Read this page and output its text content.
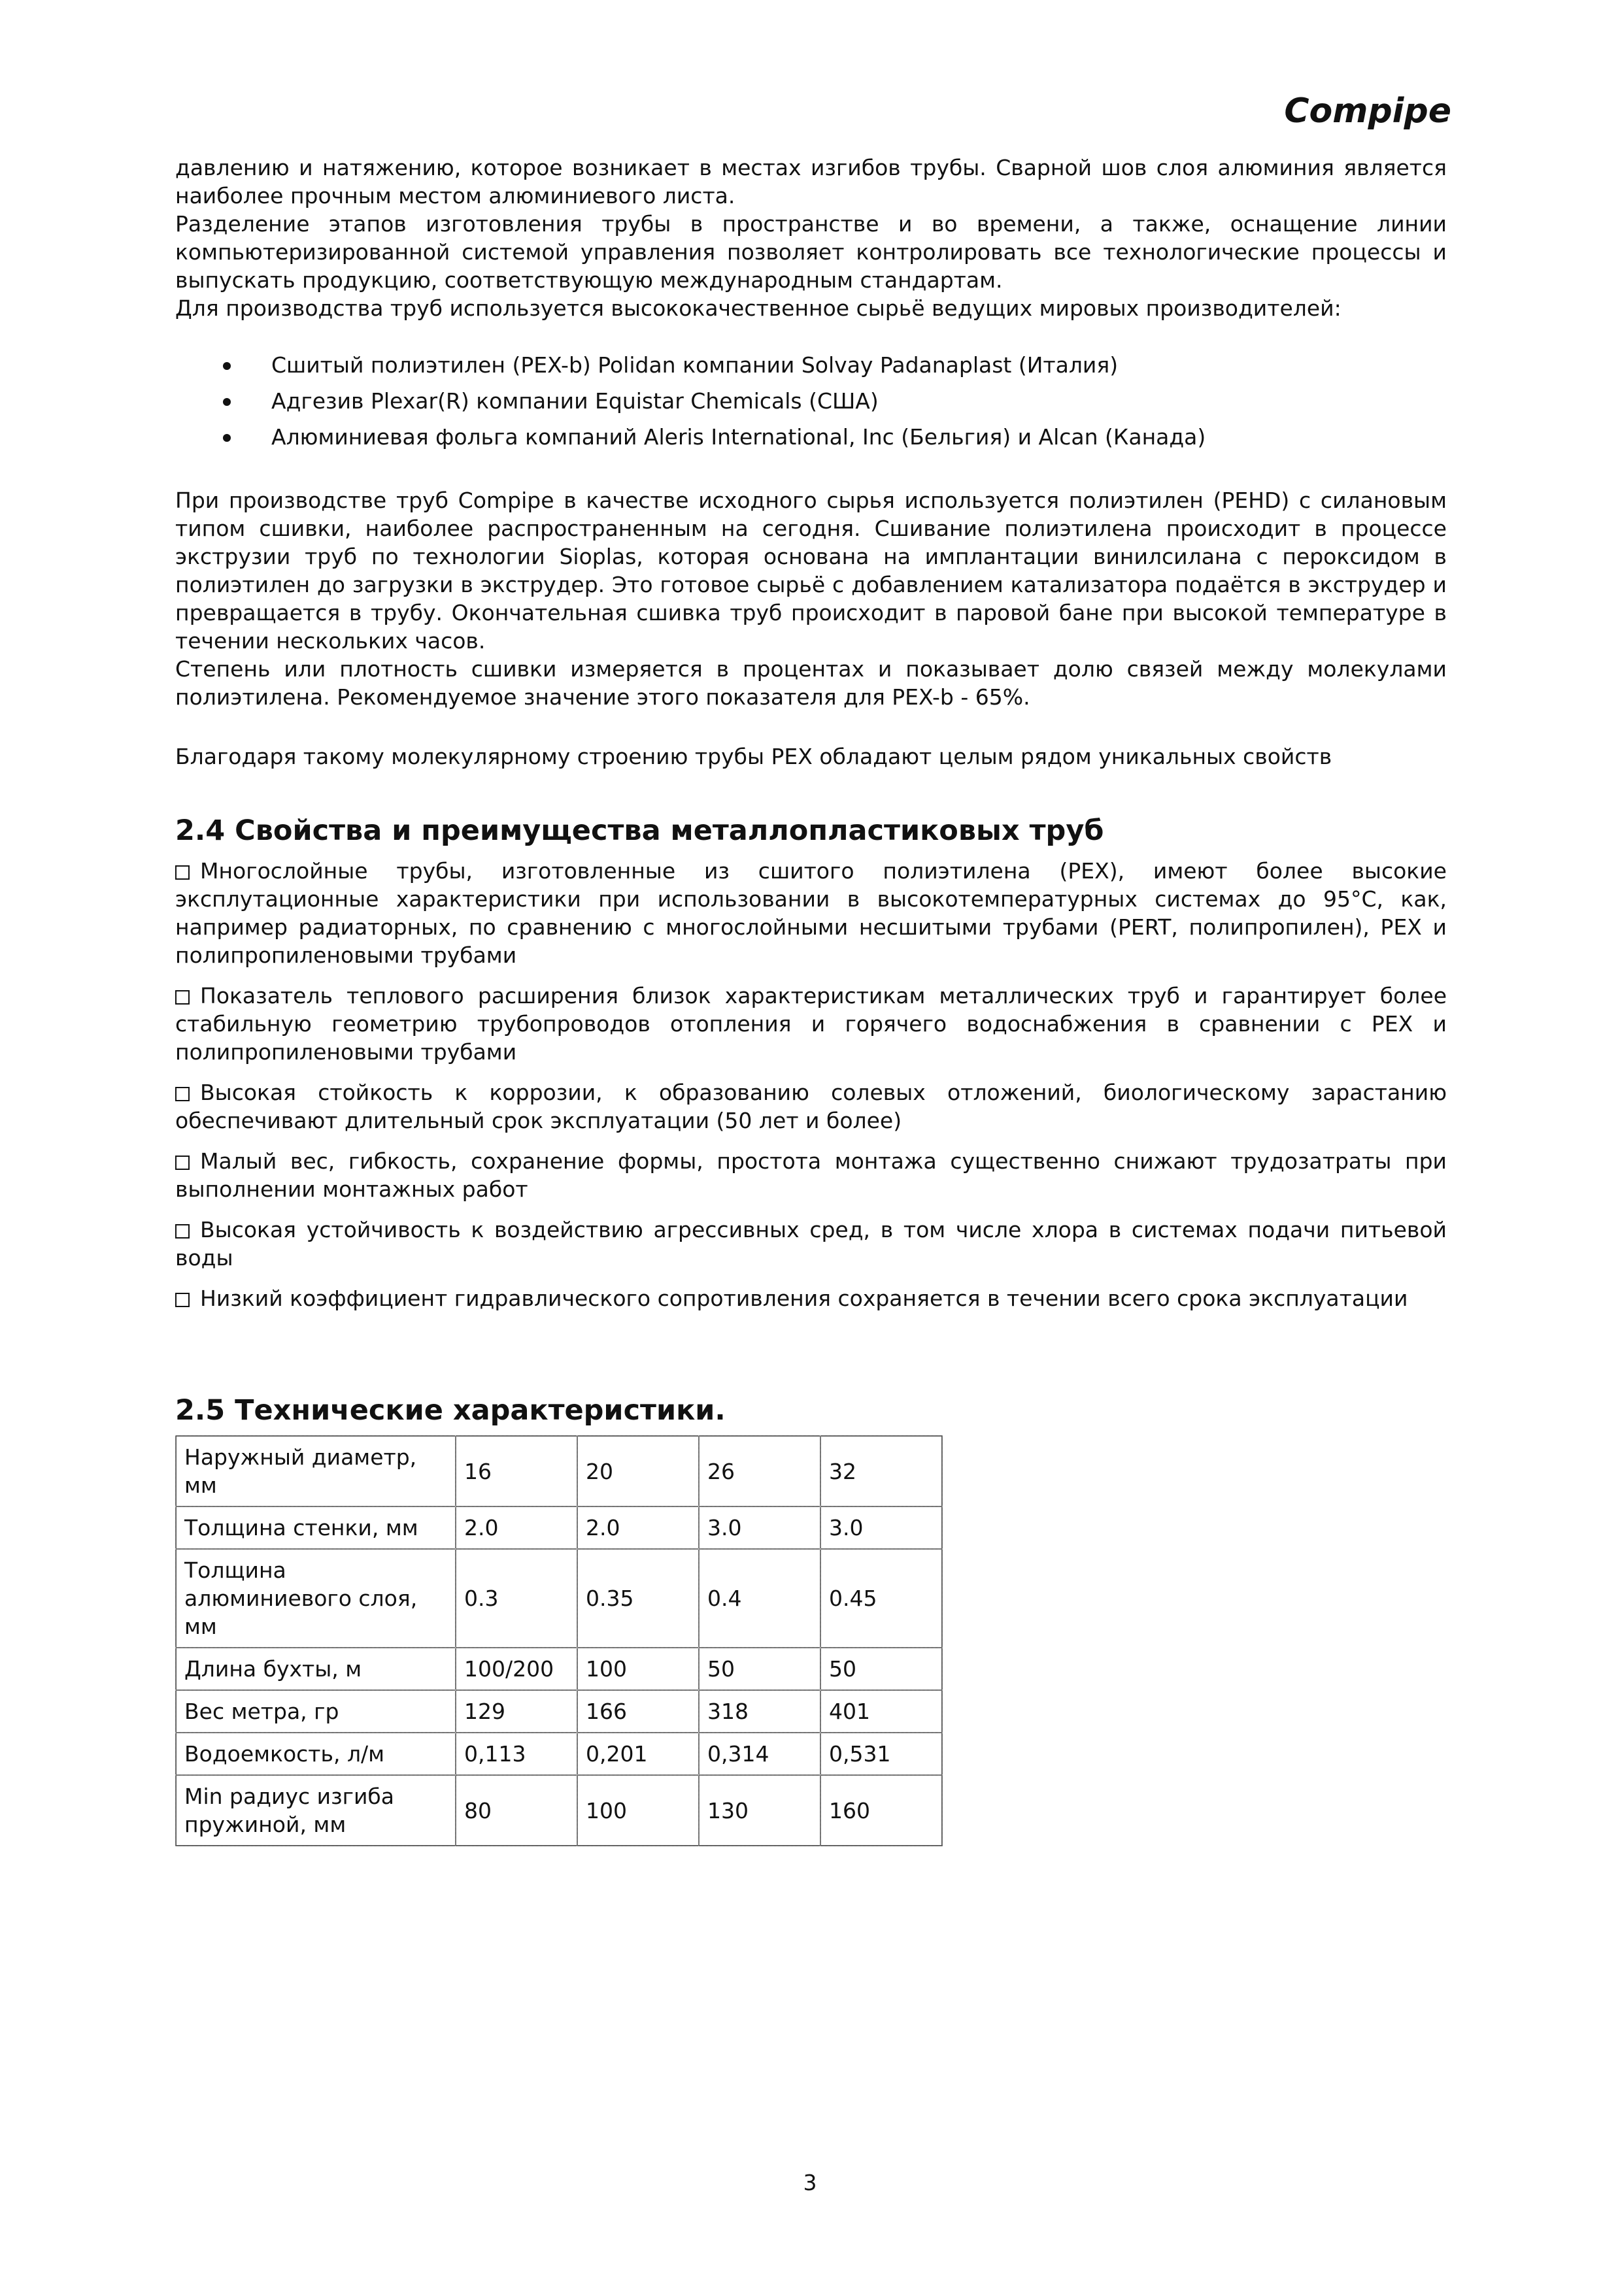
Compipe

давлению и натяжению, которое возникает в местах изгибов трубы. Сварной шов слоя алюминия является наиболее прочным местом алюминиевого листа.

Разделение этапов изготовления трубы в пространстве и во времени, а также, оснащение линии компьютеризированной системой управления позволяет контролировать все технологические процессы и выпускать продукцию, соответствующую международным стандартам.

Для производства труб используется высококачественное сырьё ведущих мировых производителей:

Сшитый полиэтилен (PEX-b) Polidan компании Solvay Padanaplast (Италия)
Адгезив Plexar(R) компании Equistar Chemicals (США)
Алюминиевая фольга компаний Aleris International, Inc (Бельгия) и Alcan (Канада)

При производстве труб Compipe в качестве исходного сырья используется полиэтилен (PEHD) с силановым типом сшивки, наиболее распространенным на сегодня. Сшивание полиэтилена происходит в процессе экструзии труб по технологии Sioplas, которая основана на имплантации винилсилана с пероксидом в полиэтилен до загрузки в экструдер. Это готовое сырьё с добавлением катализатора подаётся в экструдер и превращается в трубу. Окончательная сшивка труб происходит в паровой бане при высокой температуре в течении нескольких часов.

Степень или плотность сшивки измеряется в процентах и показывает долю связей между молекулами полиэтилена. Рекомендуемое значение этого показателя для PEX-b - 65%.

Благодаря такому молекулярному строению трубы PEX обладают целым рядом уникальных свойств

2.4 Свойства и преимущества металлопластиковых труб

Многослойные трубы, изготовленные из сшитого полиэтилена (PEX), имеют более высокие эксплутационные характеристики при использовании в высокотемпературных системах до 95°С, как, например радиаторных, по сравнению с многослойными несшитыми трубами (PERT, полипропилен), PEX и полипропиленовыми трубами

Показатель теплового расширения близок характеристикам металлических труб и гарантирует более стабильную геометрию трубопроводов отопления и горячего водоснабжения в сравнении с PEX и полипропиленовыми трубами

Высокая стойкость к коррозии, к образованию солевых отложений, биологическому зарастанию обеспечивают длительный срок эксплуатации (50 лет и более)

Малый вес, гибкость, сохранение формы, простота монтажа существенно снижают трудозатраты при выполнении монтажных работ

Высокая устойчивость к воздействию агрессивных сред, в том числе хлора в системах подачи питьевой воды

Низкий коэффициент гидравлического сопротивления сохраняется в течении всего срока эксплуатации

2.5 Технические характеристики.
Наружный диаметр, мм	16	20	26	32
Толщина стенки, мм	2.0	2.0	3.0	3.0
Толщина алюминиевого слоя, мм	0.3	0.35	0.4	0.45
Длина бухты, м	100/200	100	50	50
Вес метра, гр	129	166	318	401
Водоемкость, л/м	0,113	0,201	0,314	0,531
Min радиус изгиба пружиной, мм	80	100	130	160
3
